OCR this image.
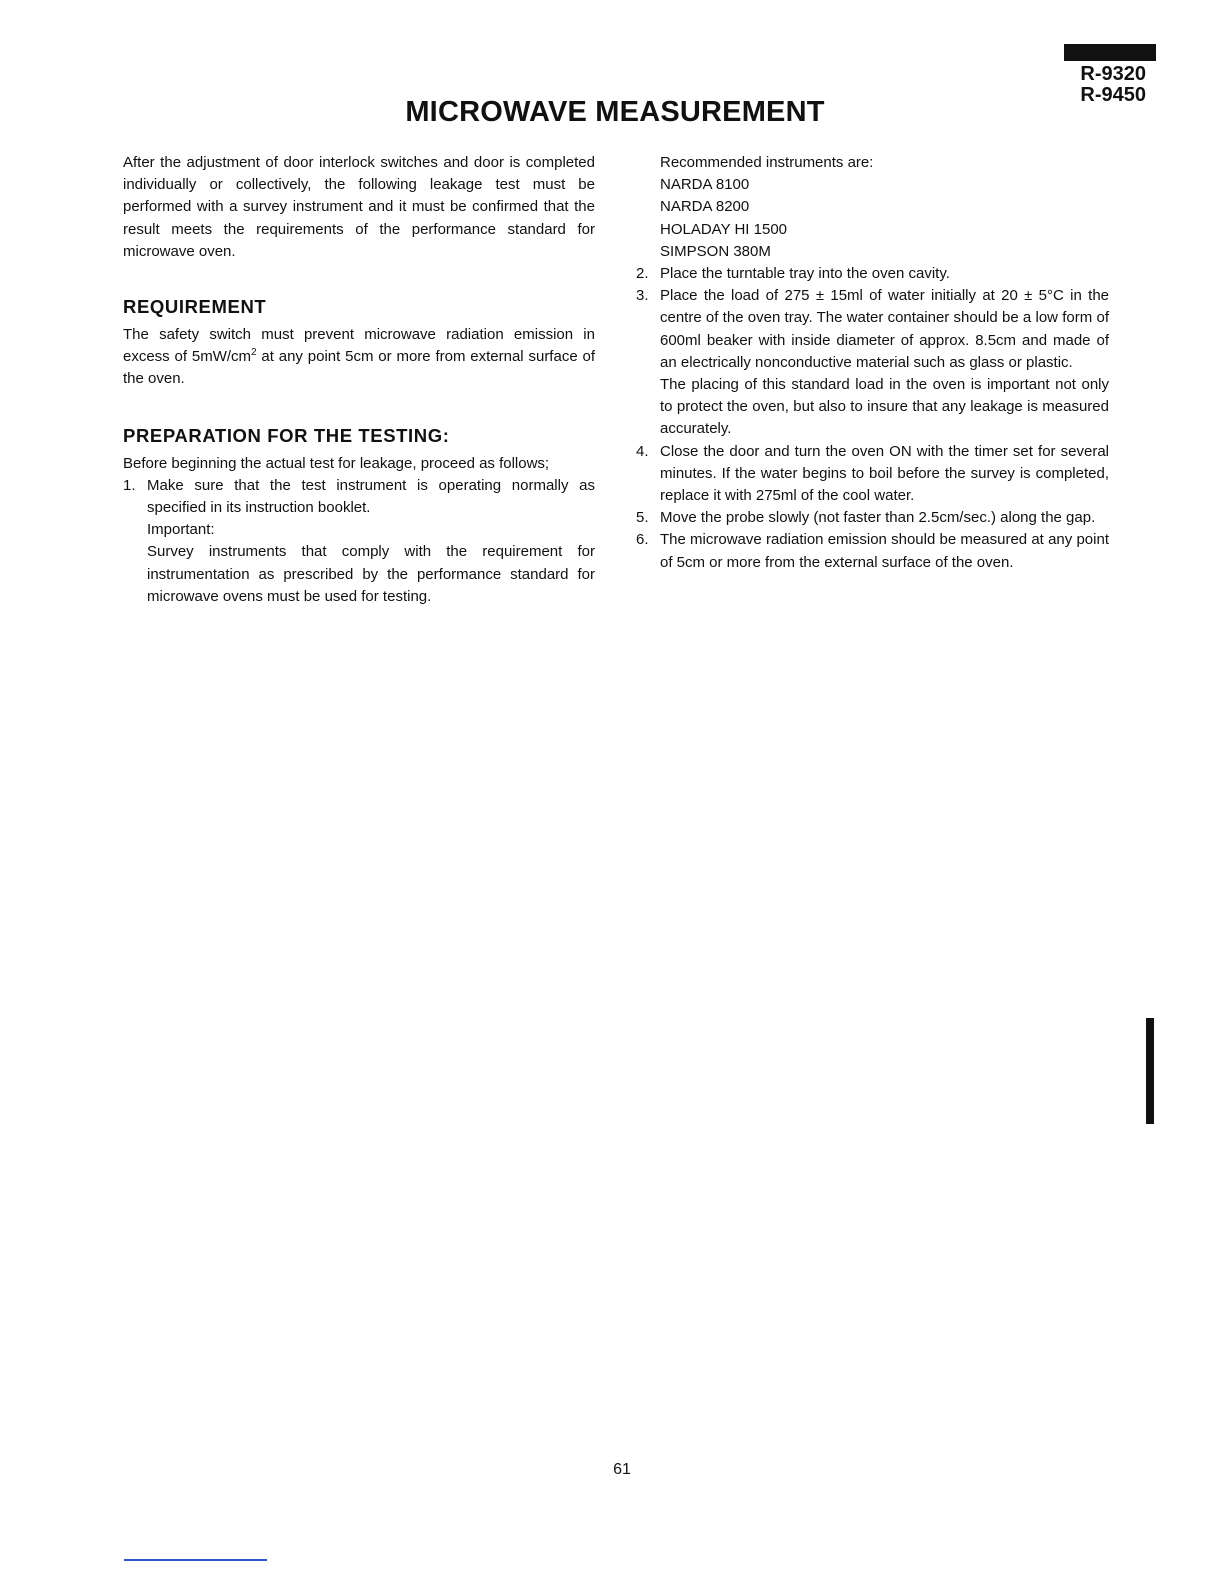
R-9320
R-9450
MICROWAVE MEASUREMENT

After the adjustment of door interlock switches and door is completed individually or collectively, the following leakage test must be performed with a survey instrument and it must be confirmed that the result meets the requirements of the performance standard for microwave oven.

REQUIREMENT

The safety switch must prevent microwave radiation emission in excess of $5mW/cm^2$ at any point 5cm or more from external surface of the oven.

PREPARATION FOR THE TESTING:

Before beginning the actual test for leakage, proceed as follows;

1. Make sure that the test instrument is operating normally as specified in its instruction booklet.

Important:

Survey instruments that comply with the requirement for instrumentation as prescribed by the performance standard for microwave ovens must be used for testing.

Recommended instruments are:
NARDA 8100
NARDA 8200
HOLADAY HI 1500
SIMPSON 380M
2. Place the turntable tray into the oven cavity.

3. Place the load of 275 ± 15ml of water initially at 20 ± 5°C in the centre of the oven tray. The water container should be a low form of 600ml beaker with inside diameter of approx. 8.5cm and made of an electrically nonconductive material such as glass or plastic.

The placing of this standard load in the oven is important not only to protect the oven, but also to insure that any leakage is measured accurately.

4. Close the door and turn the oven ON with the timer set for several minutes. If the water begins to boil before the survey is completed, replace it with 275ml of the cool water.

5. Move the probe slowly (not faster than 2.5cm/sec.) along the gap.

6. The microwave radiation emission should be measured at any point of 5cm or more from the external surface of the oven.

61
